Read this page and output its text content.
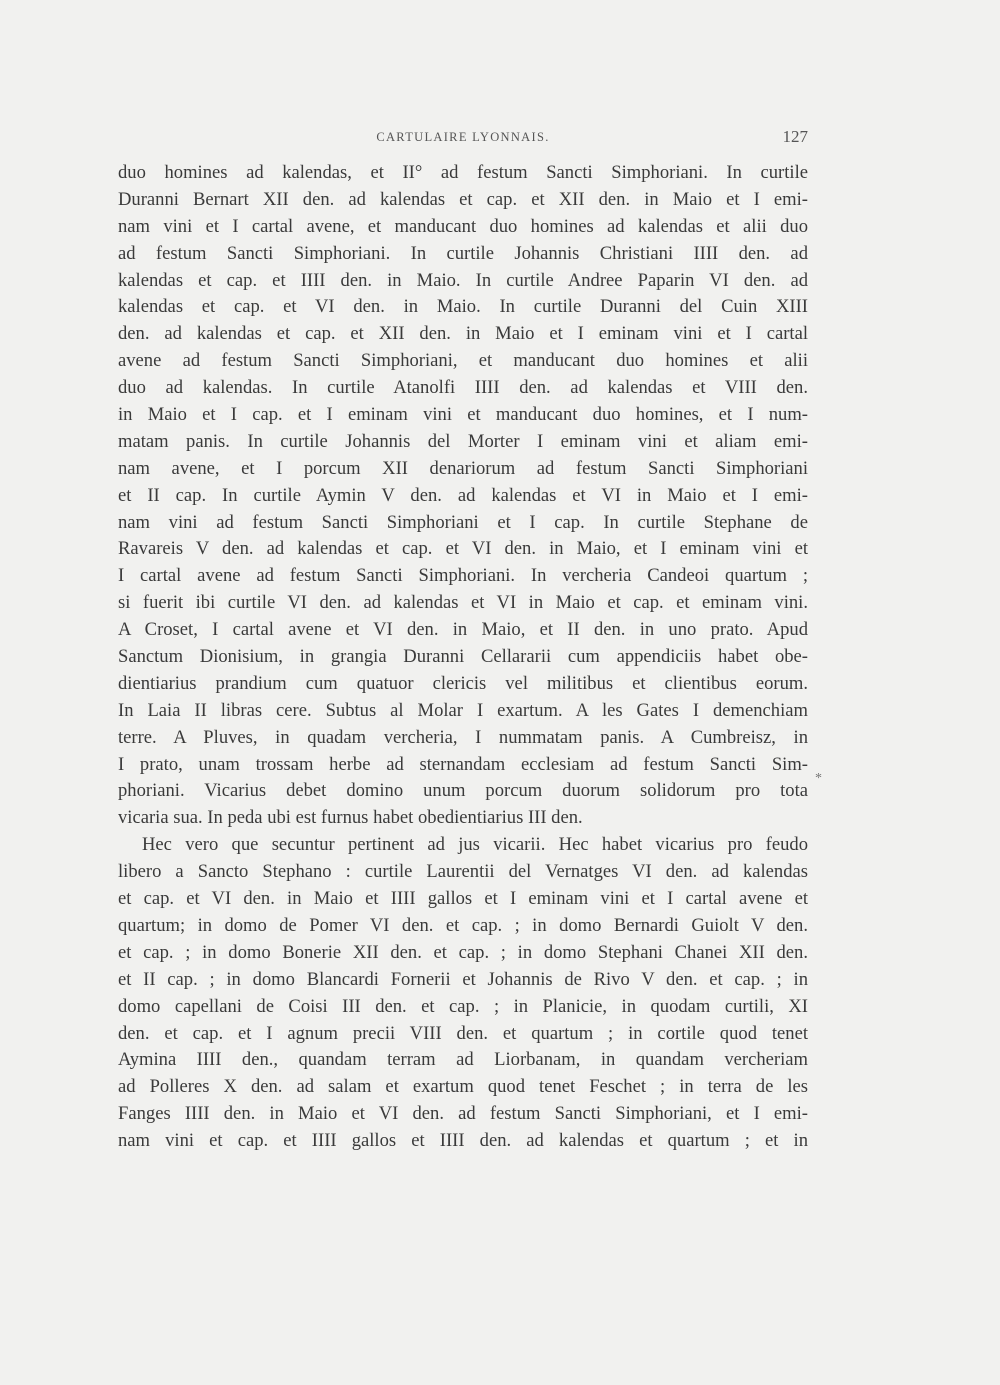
CARTULAIRE LYONNAIS.	127
duo homines ad kalendas, et II° ad festum Sancti Simphoriani. In curtile
Duranni Bernart XII den. ad kalendas et cap. et XII den. in Maio et I emi-
nam vini et I cartal avene, et manducant duo homines ad kalendas et alii duo
ad festum Sancti Simphoriani. In curtile Johannis Christiani IIII den. ad
kalendas et cap. et IIII den. in Maio. In curtile Andree Paparin VI den. ad
kalendas et cap. et VI den. in Maio. In curtile Duranni del Cuin XIII
den. ad kalendas et cap. et XII den. in Maio et I eminam vini et I cartal
avene ad festum Sancti Simphoriani, et manducant duo homines et alii
duo ad kalendas. In curtile Atanolfi IIII den. ad kalendas et VIII den.
in Maio et I cap. et I eminam vini et manducant duo homines, et I num-
matam panis. In curtile Johannis del Morter I eminam vini et aliam emi-
nam avene, et I porcum XII denariorum ad festum Sancti Simphoriani
et II cap. In curtile Aymin V den. ad kalendas et VI in Maio et I emi-
nam vini ad festum Sancti Simphoriani et I cap. In curtile Stephane de
Ravareis V den. ad kalendas et cap. et VI den. in Maio, et I eminam vini et
I cartal avene ad festum Sancti Simphoriani. In vercheria Candeoi quartum ;
si fuerit ibi curtile VI den. ad kalendas et VI in Maio et cap. et eminam vini.
A Croset, I cartal avene et VI den. in Maio, et II den. in uno prato. Apud
Sanctum Dionisium, in grangia Duranni Cellararii cum appendiciis habet obe-
dientiarius prandium cum quatuor clericis vel militibus et clientibus eorum.
In Laia II libras cere. Subtus al Molar I exartum. A les Gates I demenchiam
terre. A Pluves, in quadam vercheria, I nummatam panis. A Cumbreisz, in
I prato, unam trossam herbe ad sternandam ecclesiam ad festum Sancti Sim-
phoriani. Vicarius debet domino unum porcum duorum solidorum pro tota
vicaria sua. In peda ubi est furnus habet obedientiarius III den.
Hec vero que secuntur pertinent ad jus vicarii. Hec habet vicarius pro feudo
libero a Sancto Stephano : curtile Laurentii del Vernatges VI den. ad kalendas
et cap. et VI den. in Maio et IIII gallos et I eminam vini et I cartal avene et
quartum; in domo de Pomer VI den. et cap. ; in domo Bernardi Guiolt V den.
et cap. ; in domo Bonerie XII den. et cap. ; in domo Stephani Chanei XII den.
et II cap. ; in domo Blancardi Fornerii et Johannis de Rivo V den. et cap. ; in
domo capellani de Coisi III den. et cap. ; in Planicie, in quodam curtili, XI
den. et cap. et I agnum precii VIII den. et quartum ; in cortile quod tenet
Aymina IIII den., quandam terram ad Liorbanam, in quandam vercheriam
ad Polleres X den. ad salam et exartum quod tenet Feschet ; in terra de les
Fanges IIII den. in Maio et VI den. ad festum Sancti Simphoriani, et I emi-
nam vini et cap. et IIII gallos et IIII den. ad kalendas et quartum ; et in
*
